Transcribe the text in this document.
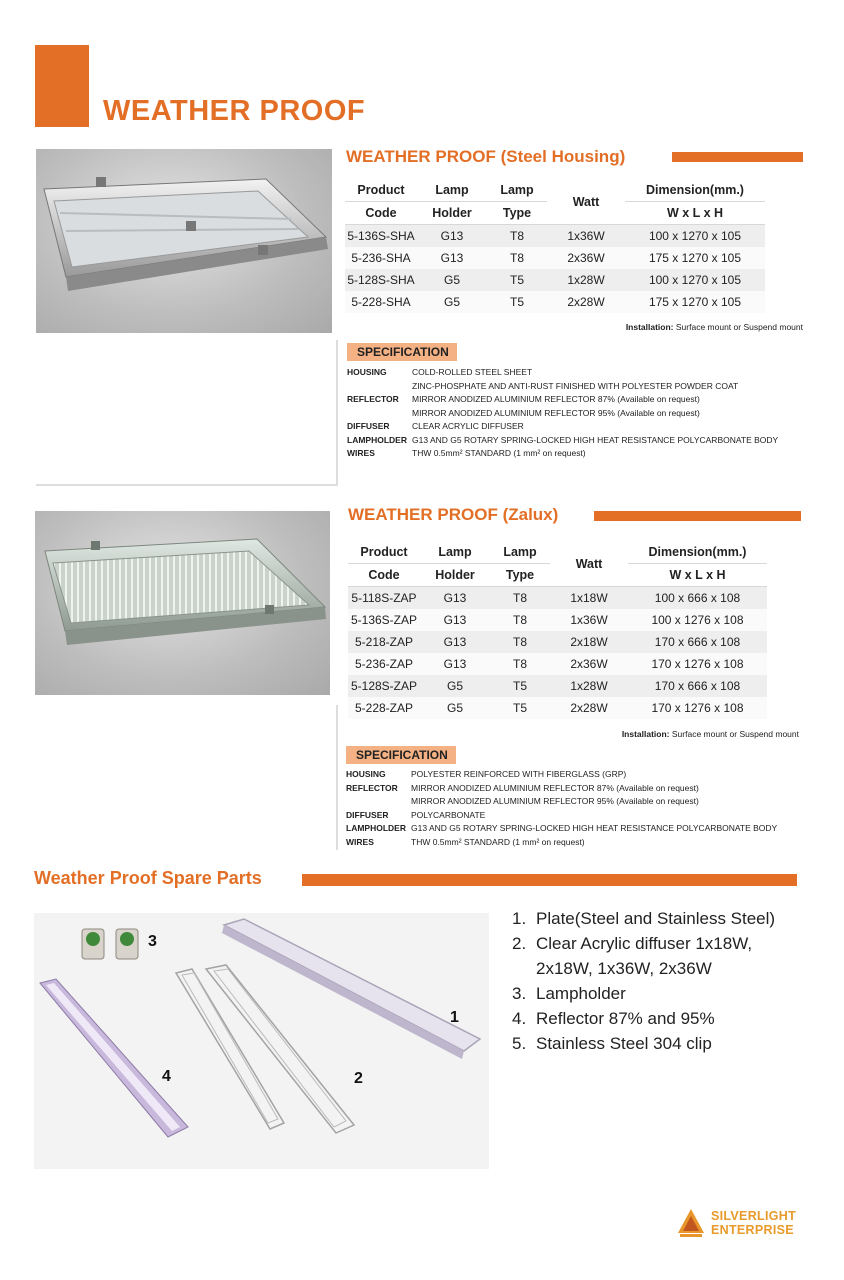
WEATHER PROOF
WEATHER PROOF (Steel Housing)
Product	Lamp	Lamp	Watt	Dimension(mm.)
Code	Holder	Type		W x L x H
5-136S-SHA	G13	T8	1x36W	100 x 1270 x 105
5-236-SHA	G13	T8	2x36W	175 x 1270 x 105
5-128S-SHA	G5	T5	1x28W	100 x 1270 x 105
5-228-SHA	G5	T5	2x28W	175 x 1270 x 105
Installation: Surface mount or Suspend mount
SPECIFICATION
HOUSING	COLD-ROLLED STEEL SHEET
ZINC-PHOSPHATE AND ANTI-RUST FINISHED WITH POLYESTER POWDER COAT
REFLECTOR	MIRROR ANODIZED ALUMINIUM REFLECTOR 87% (Available on request)
MIRROR ANODIZED ALUMINIUM REFLECTOR 95% (Available on request)
DIFFUSER	CLEAR ACRYLIC DIFFUSER
LAMPHOLDER G13 AND G5 ROTARY SPRING-LOCKED HIGH HEAT RESISTANCE POLYCARBONATE BODY
WIRES	THW 0.5mm² STANDARD (1 mm² on request)
WEATHER PROOF (Zalux)
Product	Lamp	Lamp	Watt	Dimension(mm.)
Code	Holder	Type		W x L x H
5-118S-ZAP	G13	T8	1x18W	100 x 666 x 108
5-136S-ZAP	G13	T8	1x36W	100 x 1276 x 108
5-218-ZAP	G13	T8	2x18W	170 x 666 x 108
5-236-ZAP	G13	T8	2x36W	170 x 1276 x 108
5-128S-ZAP	G5	T5	1x28W	170 x 666 x 108
5-228-ZAP	G5	T5	2x28W	170 x 1276 x 108
Installation: Surface mount or Suspend mount
SPECIFICATION
HOUSING	POLYESTER REINFORCED WITH FIBERGLASS (GRP)
REFLECTOR	MIRROR ANODIZED ALUMINIUM REFLECTOR 87% (Available on request)
MIRROR ANODIZED ALUMINIUM REFLECTOR 95% (Available on request)
DIFFUSER	POLYCARBONATE
LAMPHOLDER G13 AND G5 ROTARY SPRING-LOCKED HIGH HEAT RESISTANCE POLYCARBONATE BODY
WIRES	THW 0.5mm² STANDARD (1 mm² on request)
Weather Proof Spare Parts
1
2
3
4
1. Plate(Steel and Stainless Steel)
2. Clear Acrylic diffuser 1x18W,
2x18W, 1x36W, 2x36W
3. Lampholder
4. Reflector 87% and 95%
5. Stainless Steel 304 clip
SILVERLIGHT
ENTERPRISE
